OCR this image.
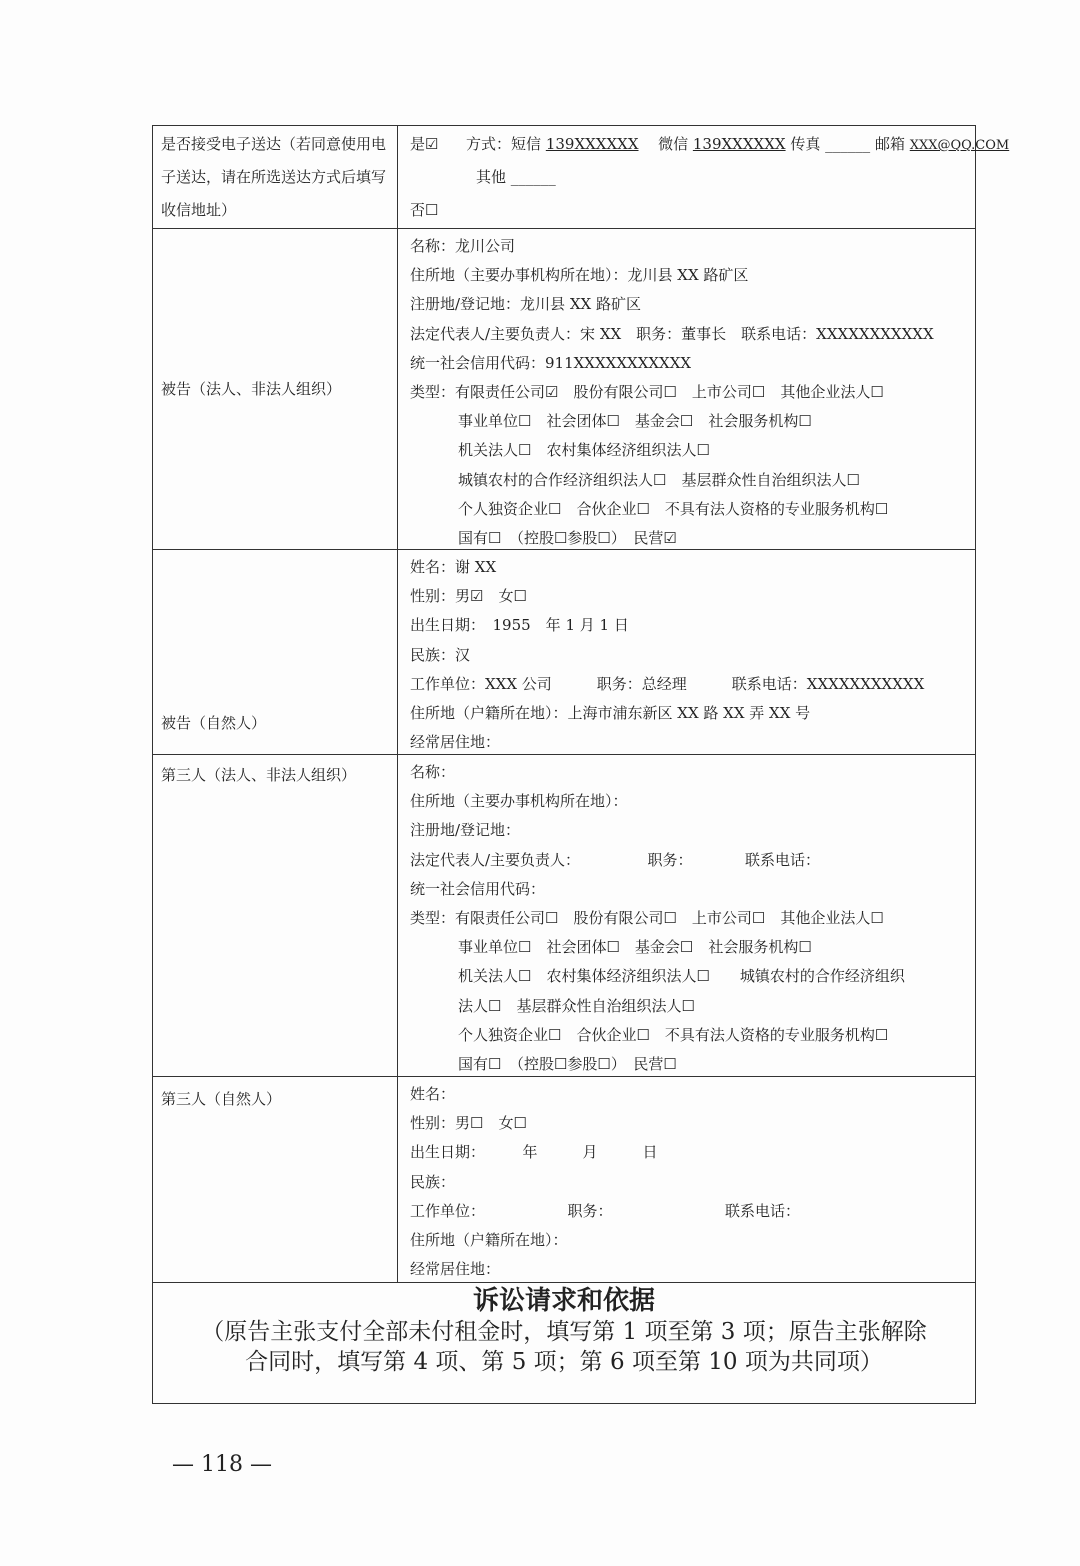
是否接受电子送达（若同意使用电子送达，请在所选送达方式后填写收信地址）
是☑ 方式：短信 139XXXXXX 微信 139XXXXXX 传真 ______ 邮箱 XXX@QQ.COM
其他 ______
否☐
被告（法人、非法人组织）
名称：龙川公司
住所地（主要办事机构所在地）：龙川县 XX 路矿区
注册地/登记地：龙川县 XX 路矿区
法定代表人/主要负责人：宋 XX　职务：董事长　联系电话：XXXXXXXXXXX
统一社会信用代码：911XXXXXXXXXXX
类型：有限责任公司☑　股份有限公司☐　上市公司☐　其他企业法人☐
事业单位☐　社会团体☐　基金会☐　社会服务机构☐
机关法人☐　农村集体经济组织法人☐
城镇农村的合作经济组织法人☐　基层群众性自治组织法人☐
个人独资企业☐　合伙企业☐　不具有法人资格的专业服务机构☐
国有☐　（控股☐参股☐）　民营☑
被告（自然人）
姓名：谢 XX
性别：男☑　女☐
出生日期：　1955　年 1 月 1 日
民族：汉
工作单位：XXX 公司　　　职务：总经理　　　联系电话：XXXXXXXXXXX
住所地（户籍所在地）：上海市浦东新区 XX 路 XX 弄 XX 号
经常居住地：
第三人（法人、非法人组织）	名称：
住所地（主要办事机构所在地）：
注册地/登记地：
法定代表人/主要负责人：　　　　　职务：　　　　联系电话：
统一社会信用代码：
类型：有限责任公司☐　股份有限公司☐　上市公司☐　其他企业法人☐
事业单位☐　社会团体☐　基金会☐　社会服务机构☐
机关法人☐　农村集体经济组织法人☐　　城镇农村的合作经济组织
法人☐　基层群众性自治组织法人☐
个人独资企业☐　合伙企业☐　不具有法人资格的专业服务机构☐
国有☐　（控股☐参股☐）　民营☐
第三人（自然人）	姓名：
性别：男☐　女☐
出生日期：　　　年　　　月　　　日
民族：
工作单位：　　　　　　职务：　　　　　　　　联系电话：
住所地（户籍所在地）：
经常居住地：
诉讼请求和依据
（原告主张支付全部未付租金时，填写第 1 项至第 3 项；原告主张解除
合同时，填写第 4 项、第 5 项；第 6 项至第 10 项为共同项）
— 118 —
